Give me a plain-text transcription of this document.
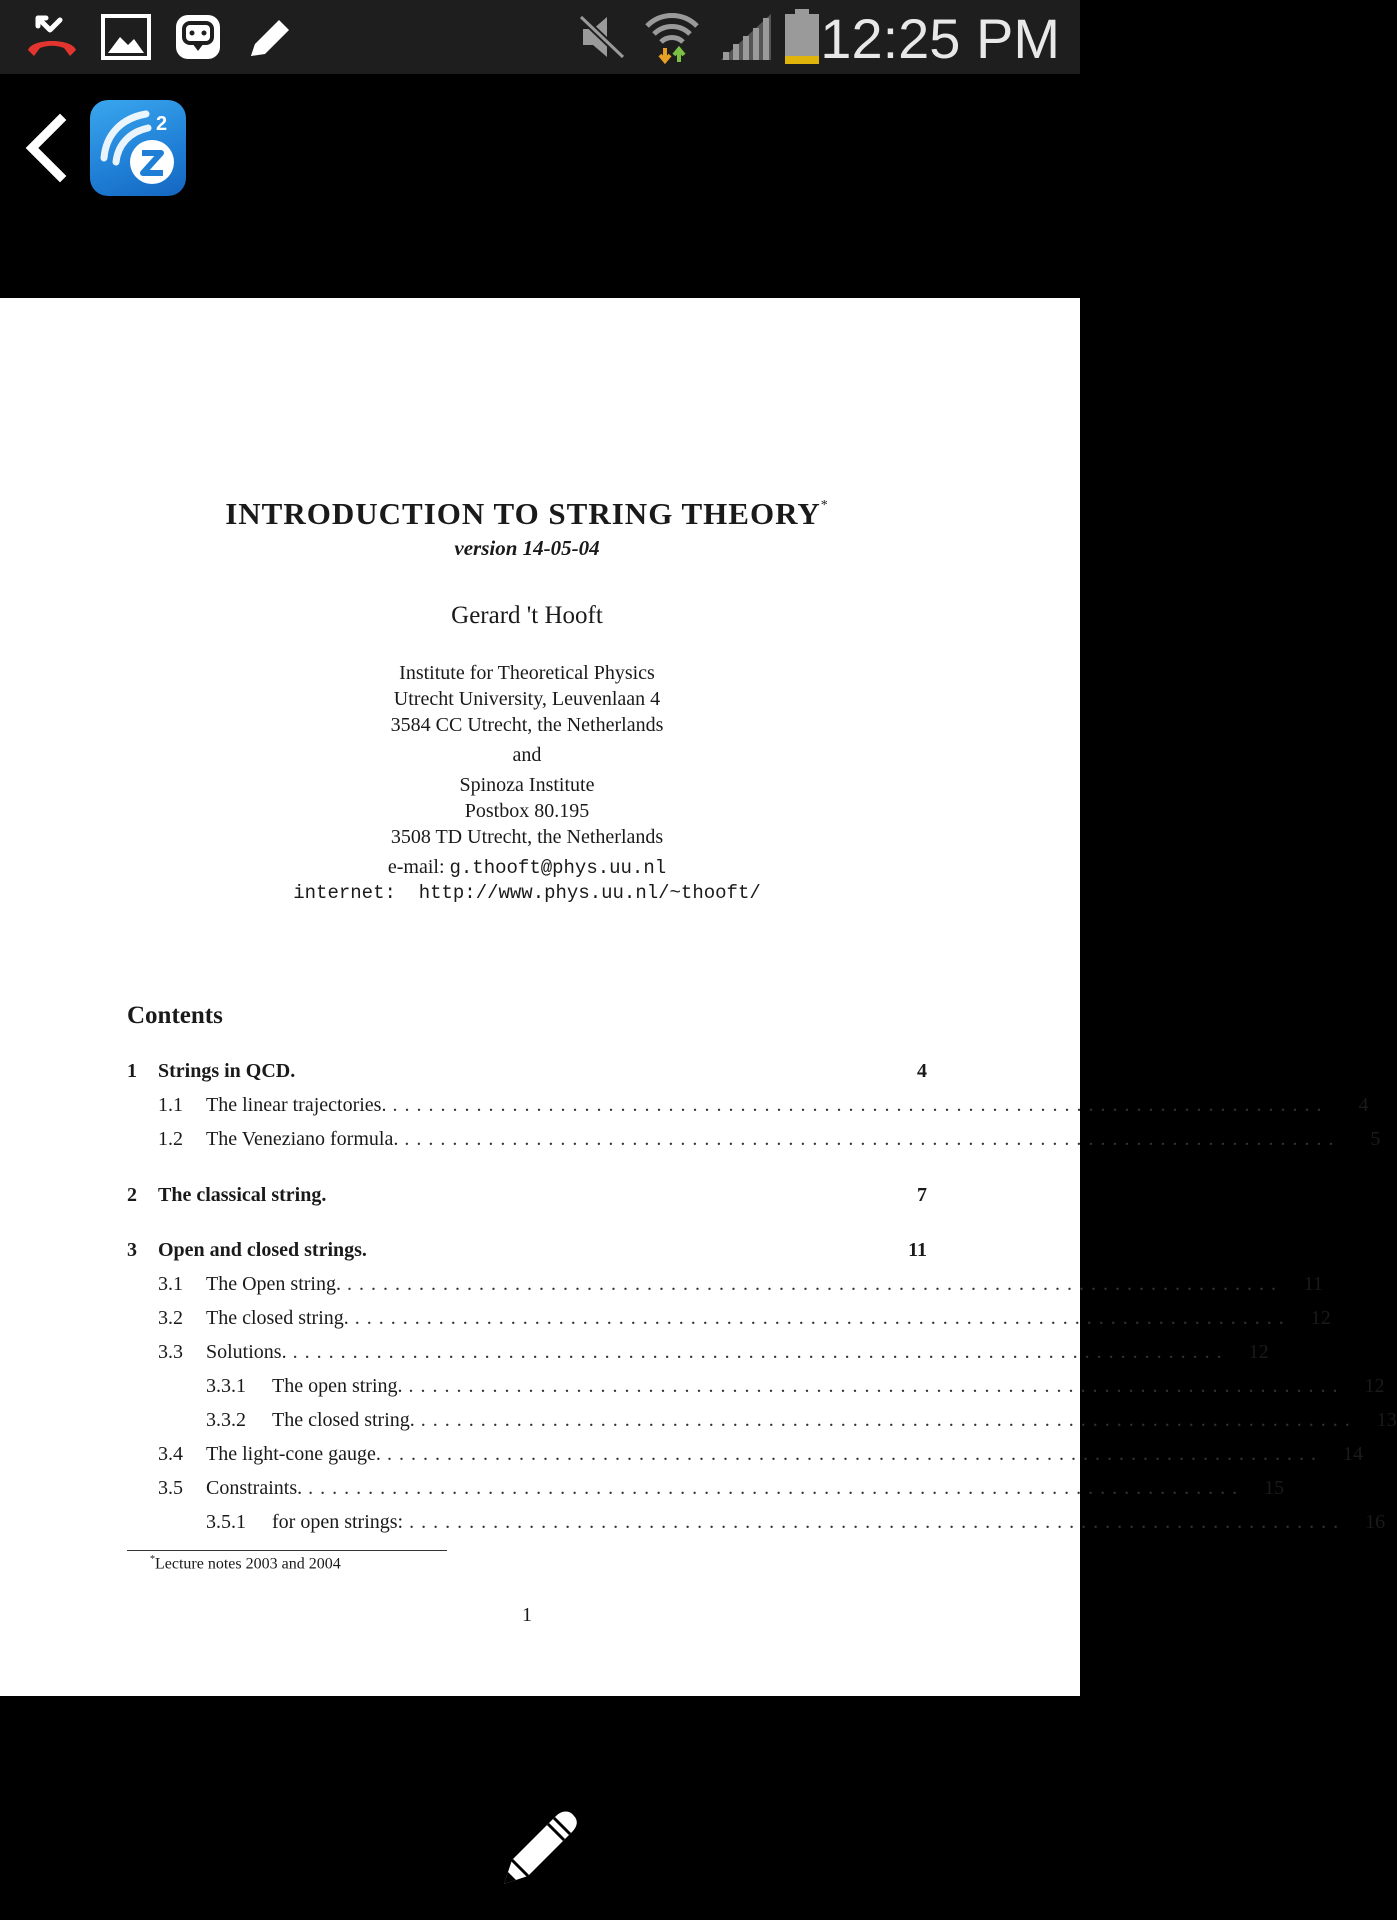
12:25 PM
2
INTRODUCTION TO STRING THEORY*
version 14-05-04
Gerard 't Hooft
Institute for Theoretical Physics
Utrecht University, Leuvenlaan 4
3584 CC Utrecht, the Netherlands
and
Spinoza Institute
Postbox 80.195
3508 TD Utrecht, the Netherlands
e-mail: g.thooft@phys.uu.nl
internet: http://www.phys.uu.nl/~thooft/
Contents
1	Strings in QCD.	4
1.1	The linear trajectories. ..............................................................................	4
1.2	The Veneziano formula. ..............................................................................	5
2	The classical string.	7
3	Open and closed strings.	11
3.1	The Open string. ..............................................................................	11
3.2	The closed string. ..............................................................................	12
3.3	Solutions. ..............................................................................	12
3.3.1	The open string. ..............................................................................	12
3.3.2	The closed string. ..............................................................................	13
3.4	The light-cone gauge. ..............................................................................	14
3.5	Constraints. ..............................................................................	15
3.5.1	for open strings: ..............................................................................	16
*Lecture notes 2003 and 2004
1
